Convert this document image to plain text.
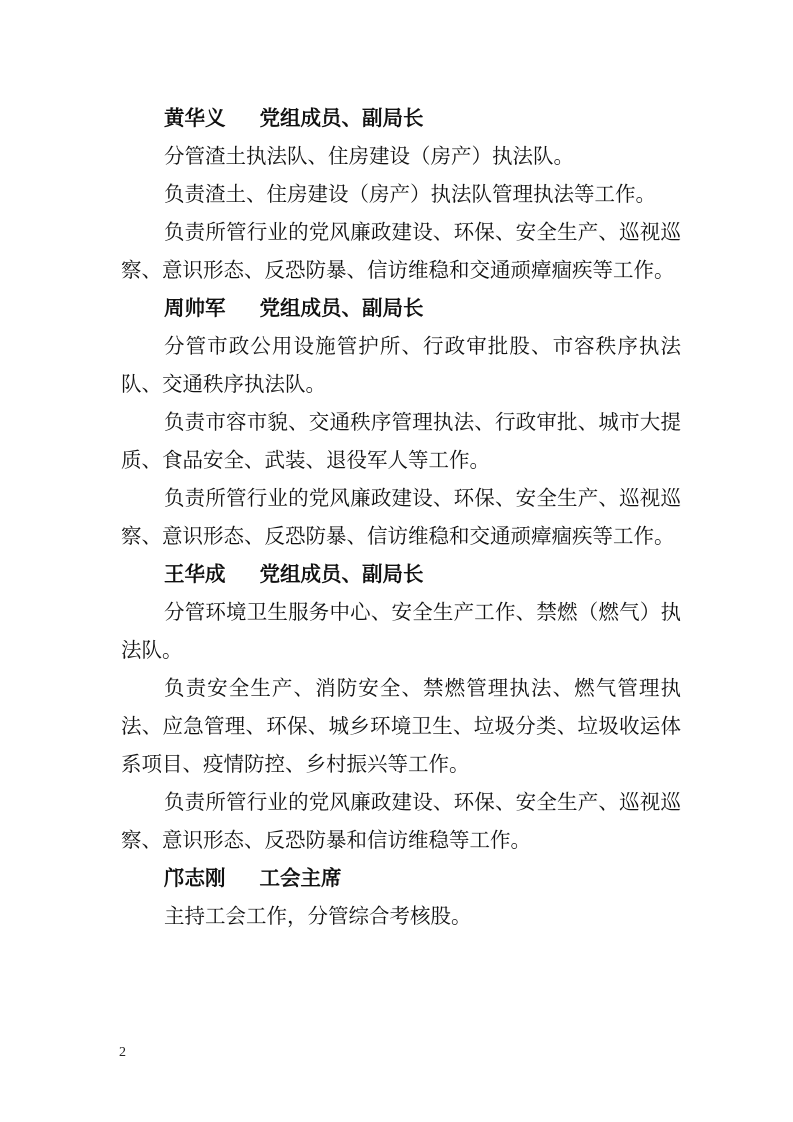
黄华义 党组成员、副局长

分管渣土执法队、住房建设（房产）执法队。

负责渣土、住房建设（房产）执法队管理执法等工作。

负责所管行业的党风廉政建设、环保、安全生产、巡视巡察、意识形态、反恐防暴、信访维稳和交通顽瘴痼疾等工作。

周帅军 党组成员、副局长

分管市政公用设施管护所、行政审批股、市容秩序执法队、交通秩序执法队。

负责市容市貌、交通秩序管理执法、行政审批、城市大提质、食品安全、武装、退役军人等工作。

负责所管行业的党风廉政建设、环保、安全生产、巡视巡察、意识形态、反恐防暴、信访维稳和交通顽瘴痼疾等工作。

王华成 党组成员、副局长

分管环境卫生服务中心、安全生产工作、禁燃（燃气）执法队。

负责安全生产、消防安全、禁燃管理执法、燃气管理执法、应急管理、环保、城乡环境卫生、垃圾分类、垃圾收运体系项目、疫情防控、乡村振兴等工作。

负责所管行业的党风廉政建设、环保、安全生产、巡视巡察、意识形态、反恐防暴和信访维稳等工作。

邝志刚 工会主席

主持工会工作，分管综合考核股。

2
